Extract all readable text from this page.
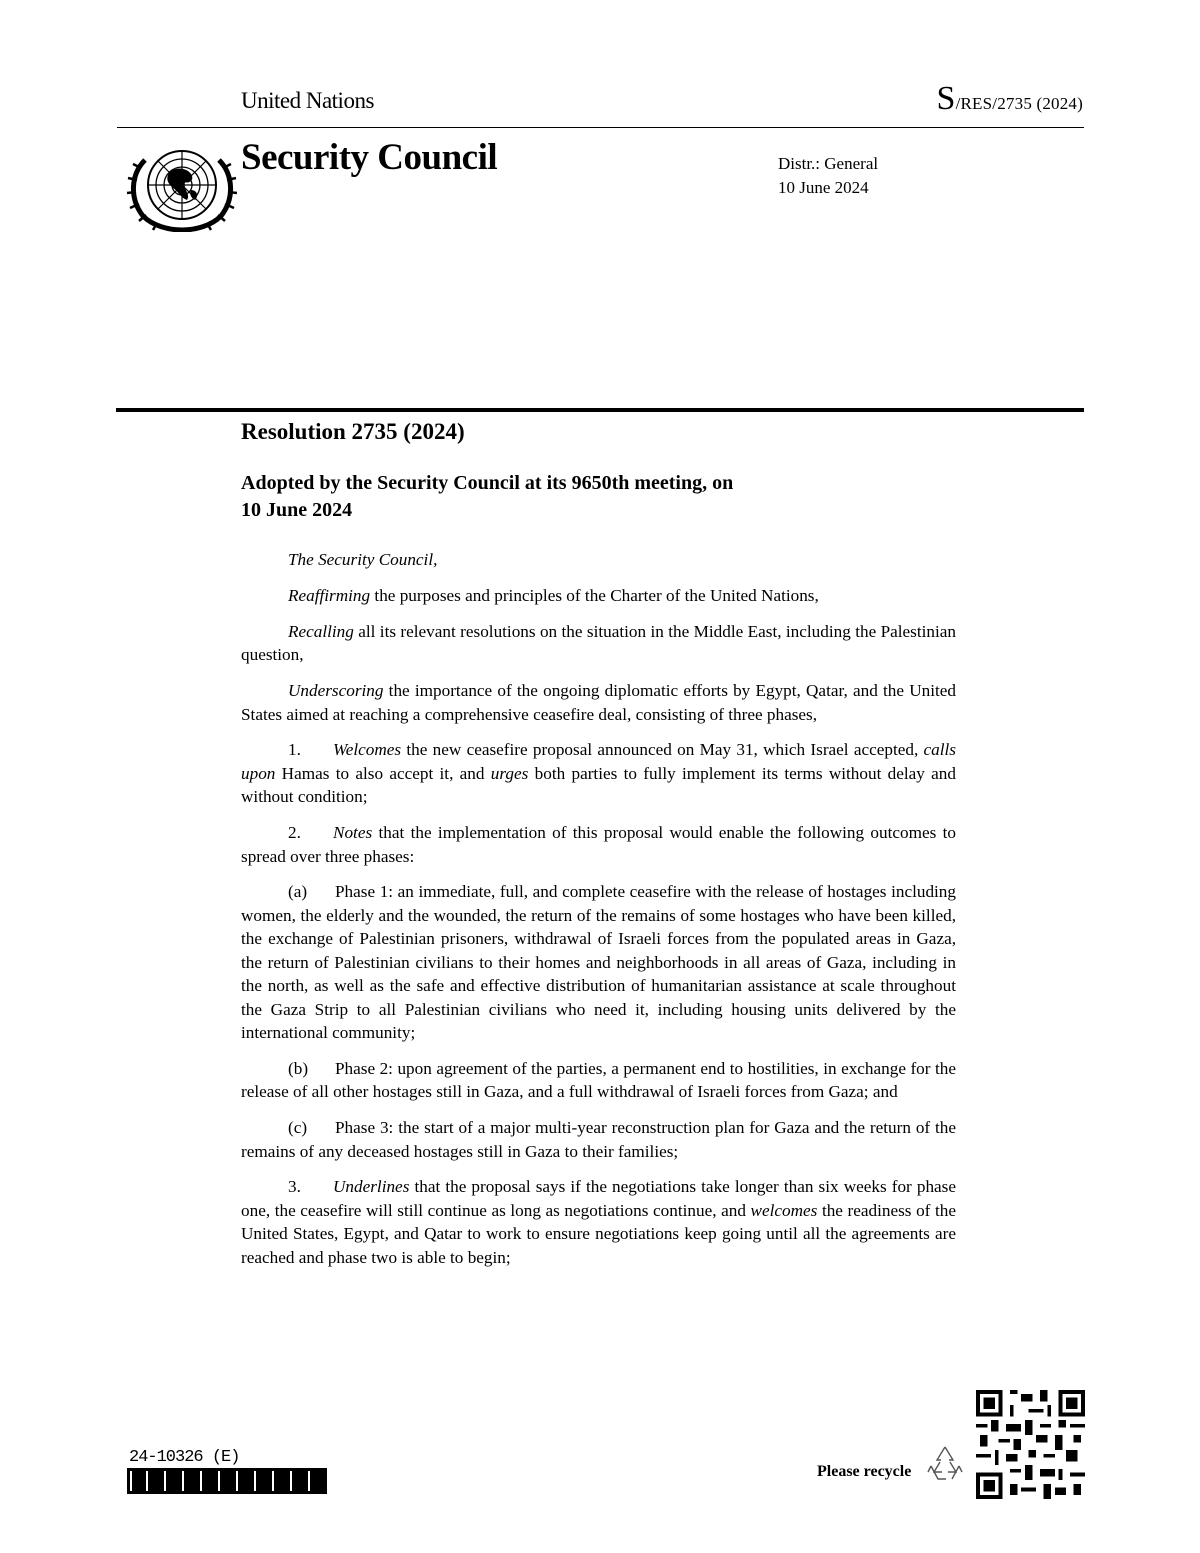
United Nations	S/RES/2735 (2024)
Security Council	Distr.: General
10 June 2024
Resolution 2735 (2024)
Adopted by the Security Council at its 9650th meeting, on
10 June 2024

The Security Council,

Reaffirming the purposes and principles of the Charter of the United Nations,

Recalling all its relevant resolutions on the situation in the Middle East, including the Palestinian question,

Underscoring the importance of the ongoing diplomatic efforts by Egypt, Qatar, and the United States aimed at reaching a comprehensive ceasefire deal, consisting of three phases,

1. Welcomes the new ceasefire proposal announced on May 31, which Israel accepted, calls upon Hamas to also accept it, and urges both parties to fully implement its terms without delay and without condition;

2. Notes that the implementation of this proposal would enable the following outcomes to spread over three phases:

(a) Phase 1: an immediate, full, and complete ceasefire with the release of hostages including women, the elderly and the wounded, the return of the remains of some hostages who have been killed, the exchange of Palestinian prisoners, withdrawal of Israeli forces from the populated areas in Gaza, the return of Palestinian civilians to their homes and neighborhoods in all areas of Gaza, including in the north, as well as the safe and effective distribution of humanitarian assistance at scale throughout the Gaza Strip to all Palestinian civilians who need it, including housing units delivered by the international community;

(b) Phase 2: upon agreement of the parties, a permanent end to hostilities, in exchange for the release of all other hostages still in Gaza, and a full withdrawal of Israeli forces from Gaza; and

(c) Phase 3: the start of a major multi-year reconstruction plan for Gaza and the return of the remains of any deceased hostages still in Gaza to their families;

3. Underlines that the proposal says if the negotiations take longer than six weeks for phase one, the ceasefire will still continue as long as negotiations continue, and welcomes the readiness of the United States, Egypt, and Qatar to work to ensure negotiations keep going until all the agreements are reached and phase two is able to begin;

24-10326 (E)
Please recycle
